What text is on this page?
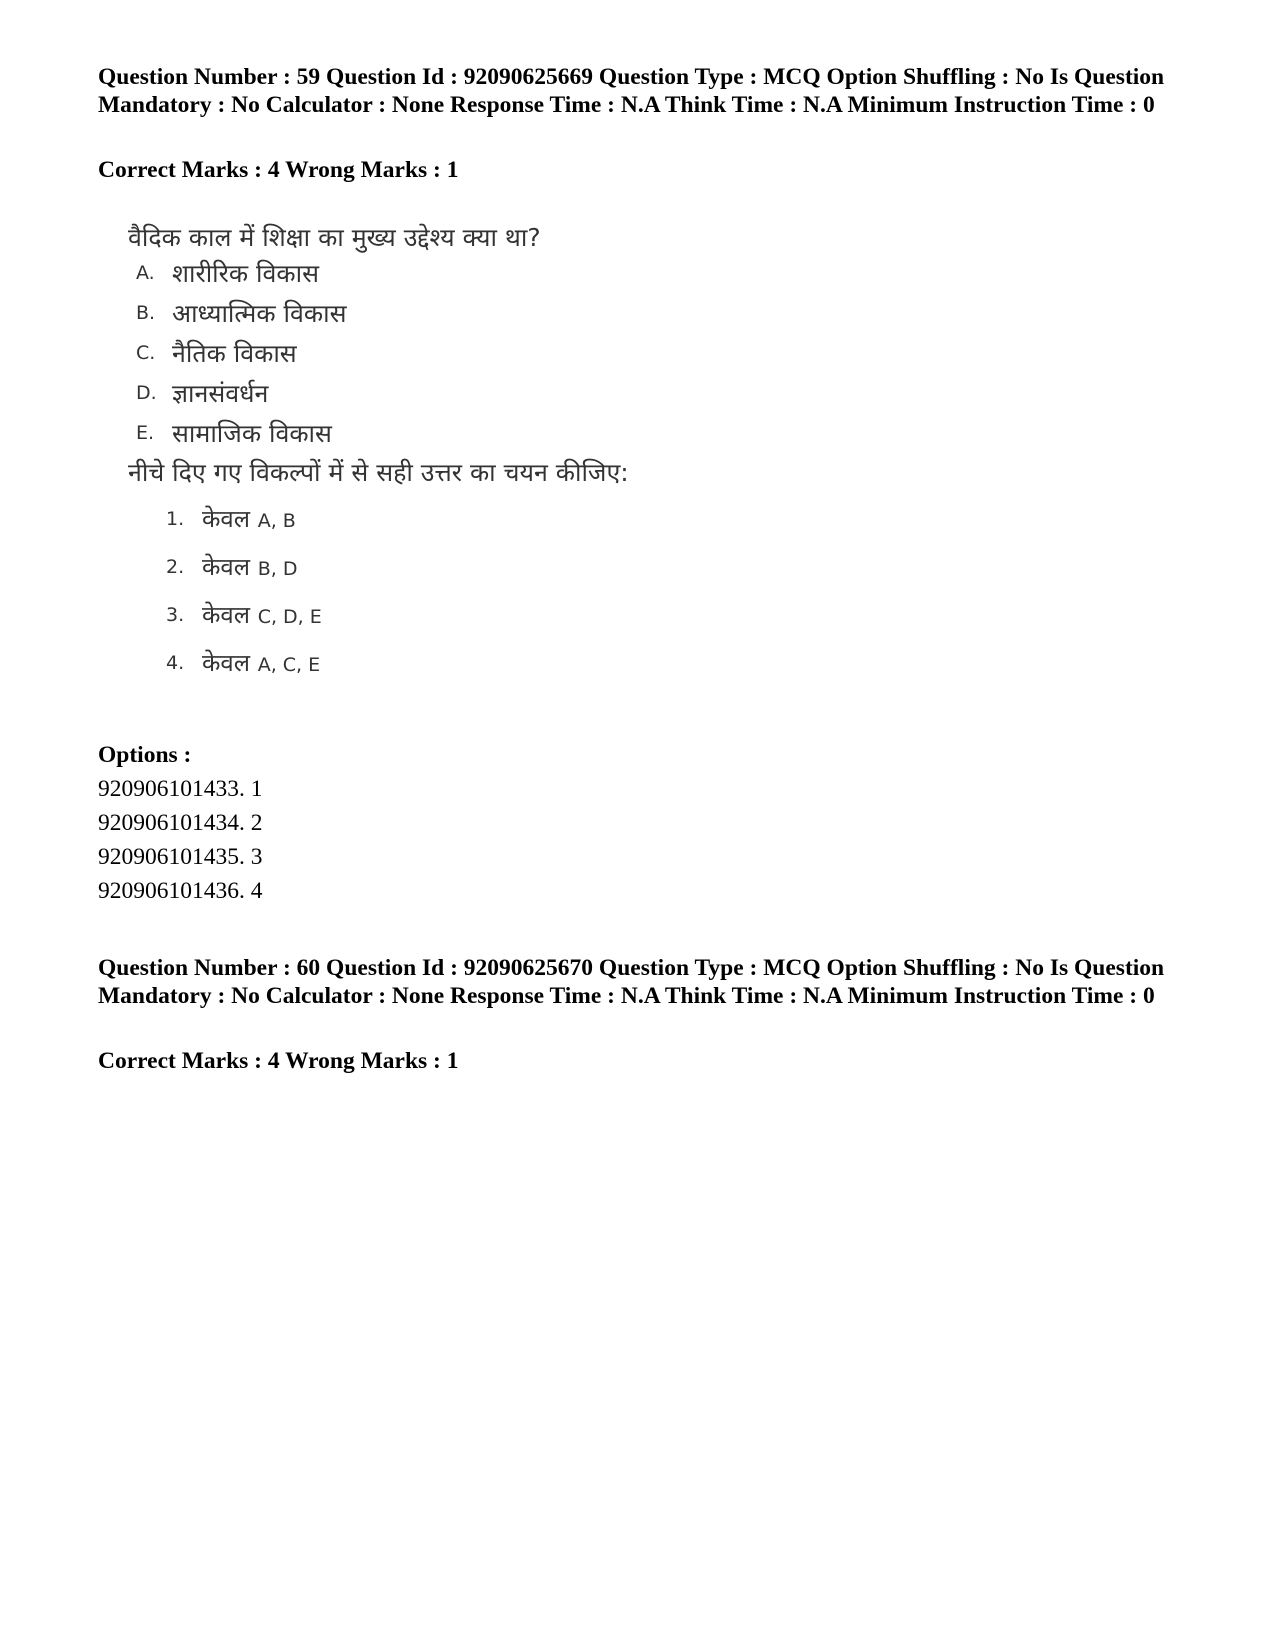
Question Number : 59 Question Id : 92090625669 Question Type : MCQ Option Shuffling : No Is Question Mandatory : No Calculator : None Response Time : N.A Think Time : N.A Minimum Instruction Time : 0
Correct Marks : 4 Wrong Marks : 1
वैदिक काल में शिक्षा का मुख्य उद्देश्य क्या था?
A. शारीरिक विकास
B. आध्यात्मिक विकास
C. नैतिक विकास
D. ज्ञानसंवर्धन
E. सामाजिक विकास
नीचे दिए गए विकल्पों में से सही उत्तर का चयन कीजिए:
1. केवल A, B
2. केवल B, D
3. केवल C, D, E
4. केवल A, C, E
Options :
920906101433. 1
920906101434. 2
920906101435. 3
920906101436. 4
Question Number : 60 Question Id : 92090625670 Question Type : MCQ Option Shuffling : No Is Question Mandatory : No Calculator : None Response Time : N.A Think Time : N.A Minimum Instruction Time : 0
Correct Marks : 4 Wrong Marks : 1
